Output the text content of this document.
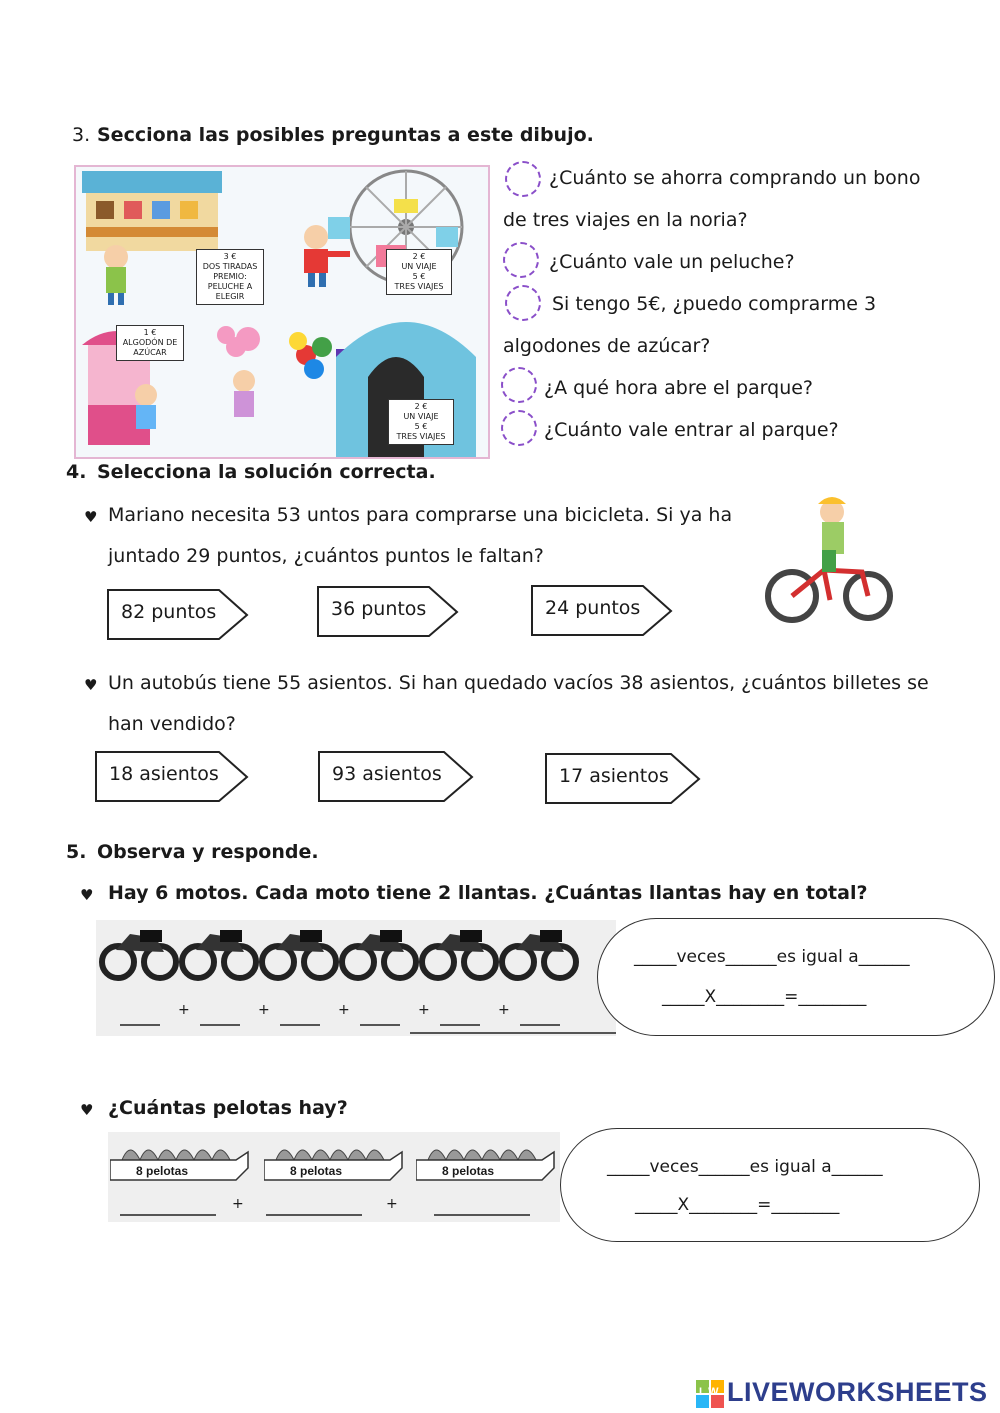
3. Secciona las posibles preguntas a este dibujo.
3 €
DOS TIRADAS
PREMIO:
PELUCHE A
ELEGIR
2 €
UN VIAJE
5 €
TRES VIAJES
1 €
ALGODÓN DE
AZÚCAR
2 €
UN VIAJE
5 €
TRES VIAJES
¿Cuánto se ahorra comprando un bono
de tres viajes en la noria?
¿Cuánto vale un peluche?
Si tengo 5€, ¿puedo comprarme 3
algodones de azúcar?
¿A qué hora abre el parque?
¿Cuánto vale entrar al parque?
4. Selecciona la solución correcta.
♥ Mariano necesita 53 untos para comprarse una bicicleta. Si ya ha
juntado 29 puntos, ¿cuántos puntos le faltan?
82 puntos	36 puntos	24 puntos
♥ Un autobús tiene 55 asientos. Si han quedado vacíos 38 asientos, ¿cuántos billetes se
han vendido?
18 asientos	93 asientos	17 asientos
5. Observa y responde.
♥ Hay 6 motos. Cada moto tiene 2 llantas. ¿Cuántas llantas hay en total?
+	+	+	+	+
_____veces______es igual a______
_____X________=________
♥ ¿Cuántas pelotas hay?
8 pelotas	8 pelotas	8 pelotas
+	+
_____veces______es igual a______
_____X________=________
LW LIVEWORKSHEETS
